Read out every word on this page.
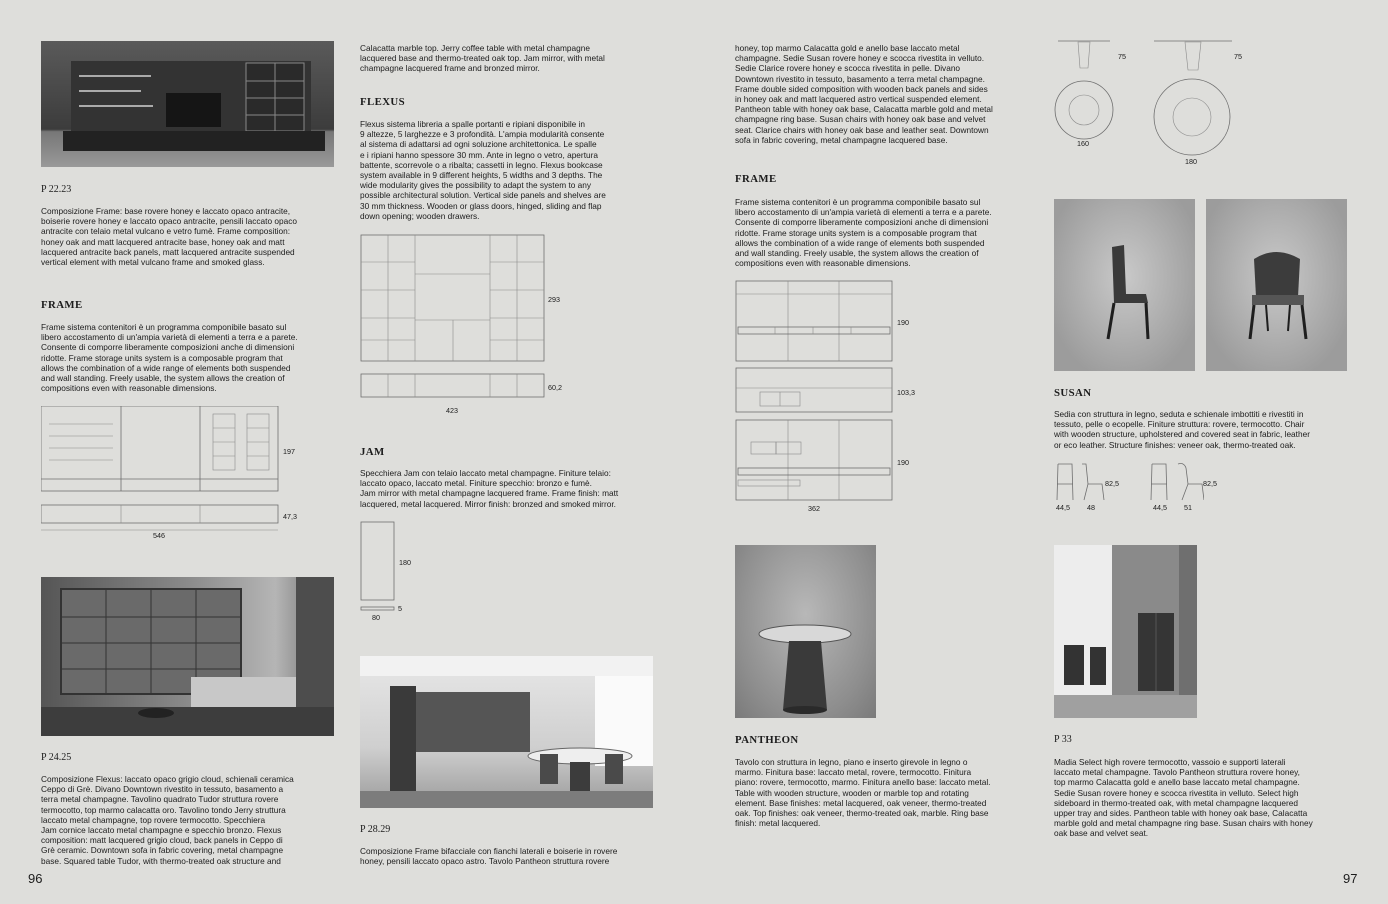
P 22.23

Composizione Frame: base rovere honey e laccato opaco antracite,
boiserie rovere honey e laccato opaco antracite, pensili laccato opaco
antracite con telaio metal vulcano e vetro fumè. Frame composition:
honey oak and matt lacquered antracite base, honey oak and matt
lacquered antracite back panels, matt lacquered antracite suspended
vertical element with metal vulcano frame and smoked glass.

FRAME

Frame sistema contenitori è un programma componibile basato sul
libero accostamento di un'ampia varietà di elementi a terra e a parete.
Consente di comporre liberamente composizioni anche di dimensioni
ridotte. Frame storage units system is a composable program that
allows the combination of a wide range of elements both suspended
and wall standing. Freely usable, the system allows the creation of
compositions even with reasonable dimensions.

197
47,3
546

P 24.25

Composizione Flexus: laccato opaco grigio cloud, schienali ceramica
Ceppo di Grè. Divano Downtown rivestito in tessuto, basamento a
terra metal champagne. Tavolino quadrato Tudor struttura rovere
termocotto, top marmo calacatta oro. Tavolino tondo Jerry struttura
laccato metal champagne, top rovere termocotto. Specchiera
Jam cornice laccato metal champagne e specchio bronzo. Flexus
composition: matt lacquered grigio cloud, back panels in Ceppo di
Grè ceramic. Downtown sofa in fabric covering, metal champagne
base. Squared table Tudor, with thermo-treated oak structure and

96

Calacatta marble top. Jerry coffee table with metal champagne
lacquered base and thermo-treated oak top. Jam mirror, with metal
champagne lacquered frame and bronzed mirror.

FLEXUS

Flexus sistema libreria a spalle portanti e ripiani disponibile in
9 altezze, 5 larghezze e 3 profondità. L'ampia modularità consente
al sistema di adattarsi ad ogni soluzione architettonica. Le spalle
e i ripiani hanno spessore 30 mm. Ante in legno o vetro, apertura
battente, scorrevole o a ribalta; cassetti in legno. Flexus bookcase
system available in 9 different heights, 5 widths and 3 depths. The
wide modularity gives the possibility to adapt the system to any
possible architectural solution. Vertical side panels and shelves are
30 mm thickness. Wooden or glass doors, hinged, sliding and flap
down opening; wooden drawers.

293
60,2
423

JAM

Specchiera Jam con telaio laccato metal champagne. Finiture telaio:
laccato opaco, laccato metal. Finiture specchio: bronzo e fumè.
Jam mirror with metal champagne lacquered frame. Frame finish: matt
lacquered, metal lacquered. Mirror finish: bronzed and smoked mirror.

180
5
80

P 28.29

Composizione Frame bifacciale con fianchi laterali e boiserie in rovere
honey, pensili laccato opaco astro. Tavolo Pantheon struttura rovere

honey, top marmo Calacatta gold e anello base laccato metal
champagne. Sedie Susan rovere honey e scocca rivestita in velluto.
Sedie Clarice rovere honey e scocca rivestita in pelle. Divano
Downtown rivestito in tessuto, basamento a terra metal champagne.
Frame double sided composition with wooden back panels and sides
in honey oak and matt lacquered astro vertical suspended element.
Pantheon table with honey oak base, Calacatta marble gold and metal
champagne ring base. Susan chairs with honey oak base and velvet
seat. Clarice chairs with honey oak base and leather seat. Downtown
sofa in fabric covering, metal champagne lacquered base.

FRAME

Frame sistema contenitori è un programma componibile basato sul
libero accostamento di un'ampia varietà di elementi a terra e a parete.
Consente di comporre liberamente composizioni anche di dimensioni
ridotte. Frame storage units system is a composable program that
allows the combination of a wide range of elements both suspended
and wall standing. Freely usable, the system allows the creation of
compositions even with reasonable dimensions.

190
103,3
190
362

PANTHEON

Tavolo con struttura in legno, piano e inserto girevole in legno o
marmo. Finitura base: laccato metal, rovere, termocotto. Finitura
piano: rovere, termocotto, marmo. Finitura anello base: laccato metal.
Table with wooden structure, wooden or marble top and rotating
element. Base finishes: metal lacquered, oak veneer, thermo-treated
oak. Top finishes: oak veneer, thermo-treated oak, marble. Ring base
finish: metal lacquered.

75	75
160
180

SUSAN

Sedia con struttura in legno, seduta e schienale imbottiti e rivestiti in
tessuto, pelle o ecopelle. Finiture struttura: rovere, termocotto. Chair
with wooden structure, upholstered and covered seat in fabric, leather
or eco leather. Structure finishes: veneer oak, thermo-treated oak.

82,5
44,5 48
82,5
44,5 51

P 33

Madia Select high rovere termocotto, vassoio e supporti laterali
laccato metal champagne. Tavolo Pantheon struttura rovere honey,
top marmo Calacatta gold e anello base laccato metal champagne.
Sedie Susan rovere honey e scocca rivestita in velluto. Select high
sideboard in thermo-treated oak, with metal champagne lacquered
upper tray and sides. Pantheon table with honey oak base, Calacatta
marble gold and metal champagne ring base. Susan chairs with honey
oak base and velvet seat.

97
